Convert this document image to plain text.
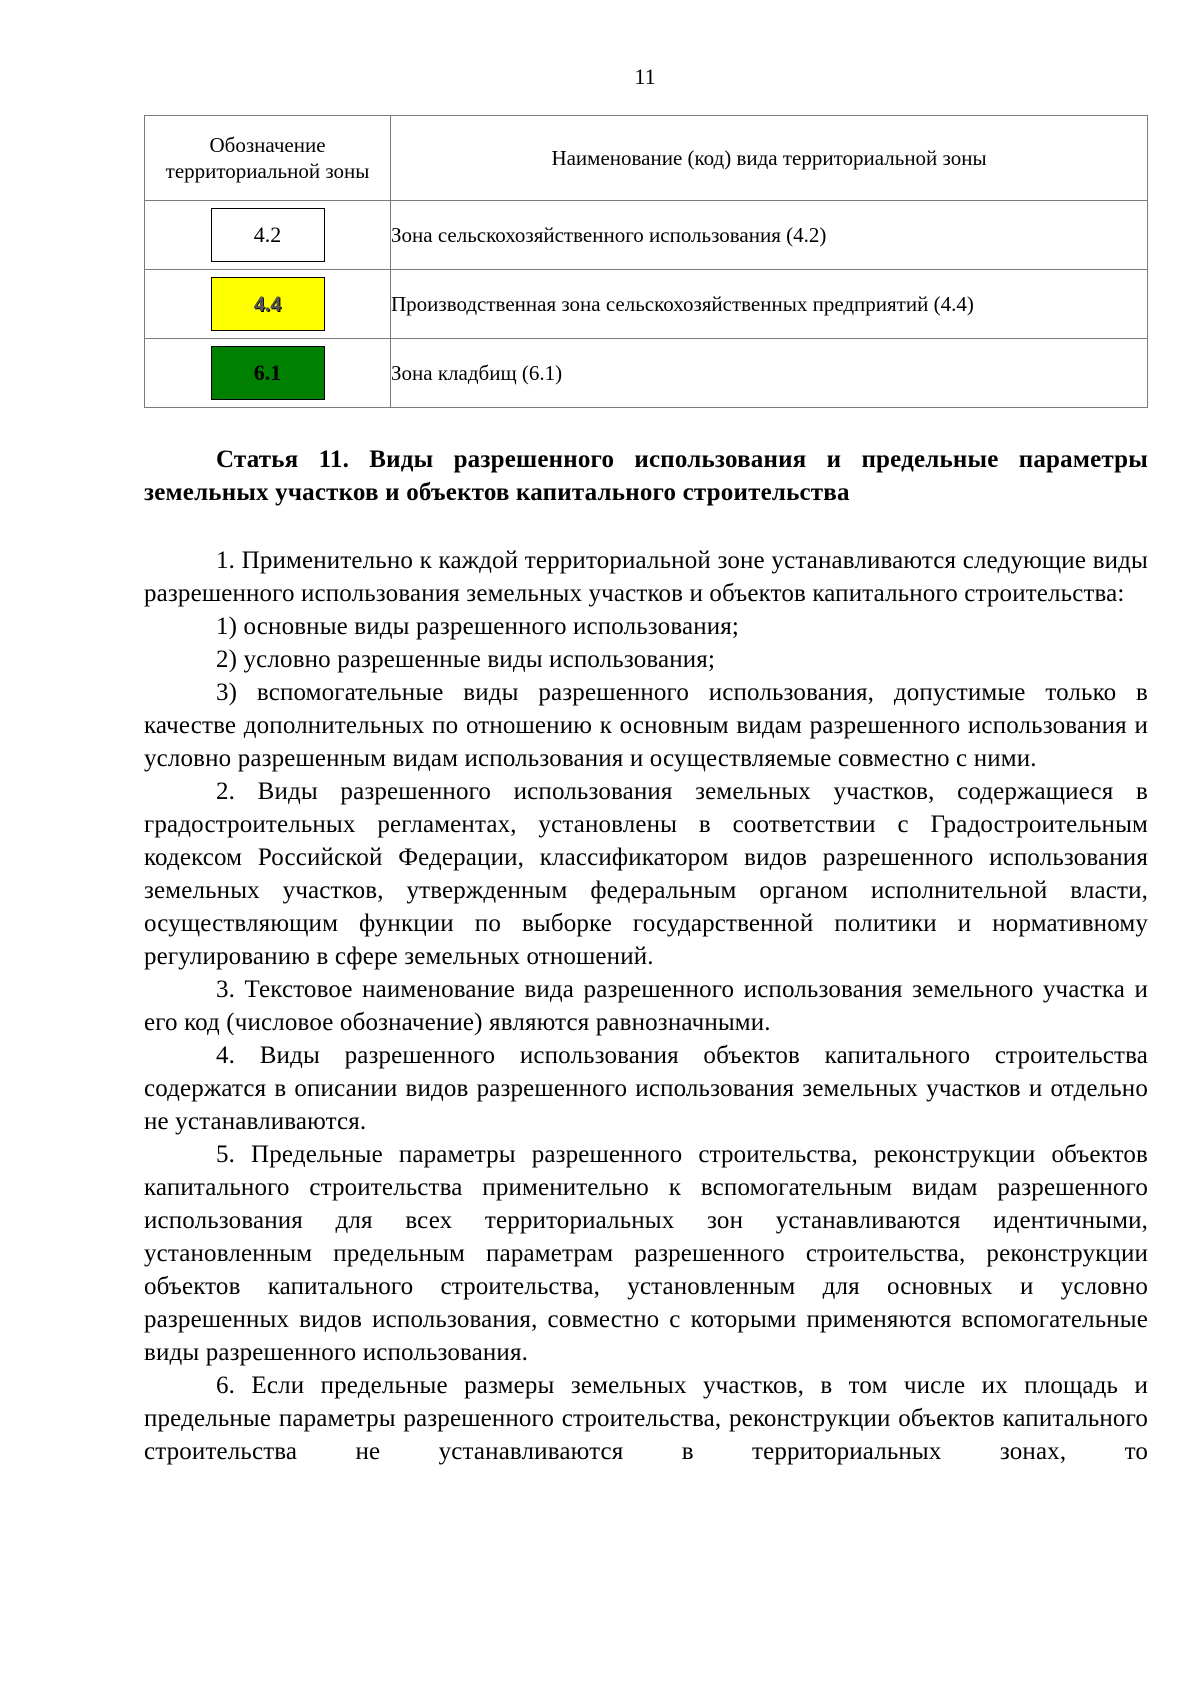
11
Обозначение территориальной зоны	Наименование (код) вида территориальной зоны
4.2	Зона сельскохозяйственного использования (4.2)
4.4	Производственная зона сельскохозяйственных предприятий (4.4)
6.1	Зона кладбищ (6.1)
Статья 11. Виды разрешенного использования и предельные параметры земельных участков и объектов капитального строительства

1. Применительно к каждой территориальной зоне устанавливаются следующие виды разрешенного использования земельных участков и объектов капитального строительства:

1) основные виды разрешенного использования;

2) условно разрешенные виды использования;

3) вспомогательные виды разрешенного использования, допустимые только в качестве дополнительных по отношению к основным видам разрешенного использования и условно разрешенным видам использования и осуществляемые совместно с ними.

2. Виды разрешенного использования земельных участков, содержащиеся в градостроительных регламентах, установлены в соответствии с Градостроительным кодексом Российской Федерации, классификатором видов разрешенного использования земельных участков, утвержденным федеральным органом исполнительной власти, осуществляющим функции по выборке государственной политики и нормативному регулированию в сфере земельных отношений.

3. Текстовое наименование вида разрешенного использования земельного участка и его код (числовое обозначение) являются равнозначными.

4. Виды разрешенного использования объектов капитального строительства содержатся в описании видов разрешенного использования земельных участков и отдельно не устанавливаются.

5. Предельные параметры разрешенного строительства, реконструкции объектов капитального строительства применительно к вспомогательным видам разрешенного использования для всех территориальных зон устанавливаются идентичными, установленным предельным параметрам разрешенного строительства, реконструкции объектов капитального строительства, установленным для основных и условно разрешенных видов использования, совместно с которыми применяются вспомогательные виды разрешенного использования.

6. Если предельные размеры земельных участков, в том числе их площадь и предельные параметры разрешенного строительства, реконструкции объектов капитального строительства не устанавливаются в территориальных зонах, то
